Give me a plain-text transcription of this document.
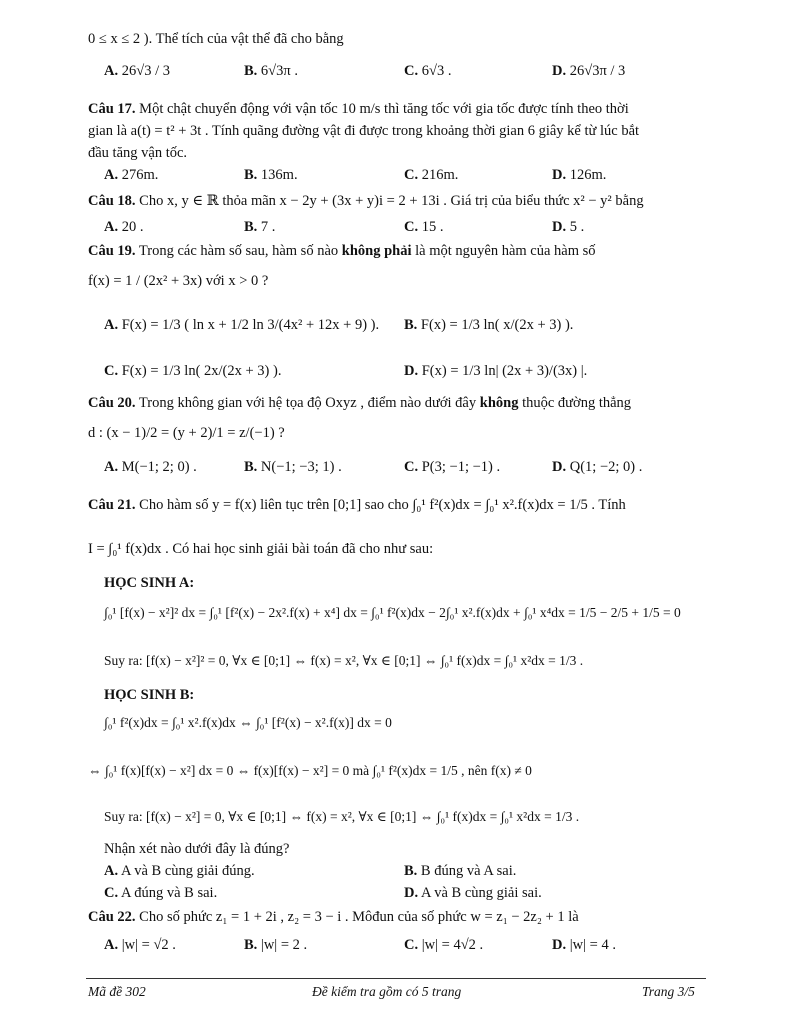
0 ≤ x ≤ 2 ). Thể tích của vật thể đã cho bằng
A. 26√3 / 3	B. 6√3π .	C. 6√3 .	D. 26√3π / 3
Câu 17. Một chật chuyển động với vận tốc 10 m/s thì tăng tốc với gia tốc được tính theo thời
gian là a(t) = t² + 3t . Tính quãng đường vật đi được trong khoảng thời gian 6 giây kể từ lúc bắt
đầu tăng vận tốc.
A. 276m.	B. 136m.	C. 216m.	D. 126m.
Câu 18. Cho x, y ∈ ℝ thỏa mãn x − 2y + (3x + y)i = 2 + 13i . Giá trị của biểu thức x² − y² bằng
A. 20 .	B. 7 .	C. 15 .	D. 5 .
Câu 19. Trong các hàm số sau, hàm số nào không phải là một nguyên hàm của hàm số
f(x) = 1 / (2x² + 3x) với x > 0 ?
A. F(x) = 1/3 ( ln x + 1/2 ln 3/(4x² + 12x + 9) ). B. F(x) = 1/3 ln( x/(2x + 3) ).
C. F(x) = 1/3 ln( 2x/(2x + 3) ).	D. F(x) = 1/3 ln| (2x + 3)/(3x) |.
Câu 20. Trong không gian với hệ tọa độ Oxyz , điểm nào dưới đây không thuộc đường thẳng
d : (x − 1)/2 = (y + 2)/1 = z/(−1) ?
A. M(−1; 2; 0) .	B. N(−1; −3; 1) .	C. P(3; −1; −1) .	D. Q(1; −2; 0) .
Câu 21. Cho hàm số y = f(x) liên tục trên [0;1] sao cho ∫₀¹ f²(x)dx = ∫₀¹ x².f(x)dx = 1/5 . Tính
I = ∫₀¹ f(x)dx . Có hai học sinh giải bài toán đã cho như sau:
HỌC SINH A:
∫₀¹ [f(x) − x²]² dx = ∫₀¹ [f²(x) − 2x².f(x) + x⁴] dx = ∫₀¹ f²(x)dx − 2∫₀¹ x².f(x)dx + ∫₀¹ x⁴dx = 1/5 − 2/5 + 1/5 = 0
Suy ra: [f(x) − x²]² = 0, ∀x ∈ [0;1] ⇔ f(x) = x², ∀x ∈ [0;1] ⇔ ∫₀¹ f(x)dx = ∫₀¹ x²dx = 1/3 .
HỌC SINH B:
∫₀¹ f²(x)dx = ∫₀¹ x².f(x)dx ⇔ ∫₀¹ [f²(x) − x².f(x)] dx = 0
⇔ ∫₀¹ f(x)[f(x) − x²] dx = 0 ⇔ f(x)[f(x) − x²] = 0 mà ∫₀¹ f²(x)dx = 1/5 , nên f(x) ≠ 0
Suy ra: [f(x) − x²] = 0, ∀x ∈ [0;1] ⇔ f(x) = x², ∀x ∈ [0;1] ⇔ ∫₀¹ f(x)dx = ∫₀¹ x²dx = 1/3 .
Nhận xét nào dưới đây là đúng?
A. A và B cùng giải đúng.	B. B đúng và A sai.
C. A đúng và B sai.	D. A và B cùng giải sai.
Câu 22. Cho số phức z₁ = 1 + 2i , z₂ = 3 − i . Môđun của số phức w = z₁ − 2z₂ + 1 là
A. |w| = √2 .	B. |w| = 2 .	C. |w| = 4√2 .	D. |w| = 4 .
Mã đề 302	Đề kiểm tra gồm có 5 trang	Trang 3/5
